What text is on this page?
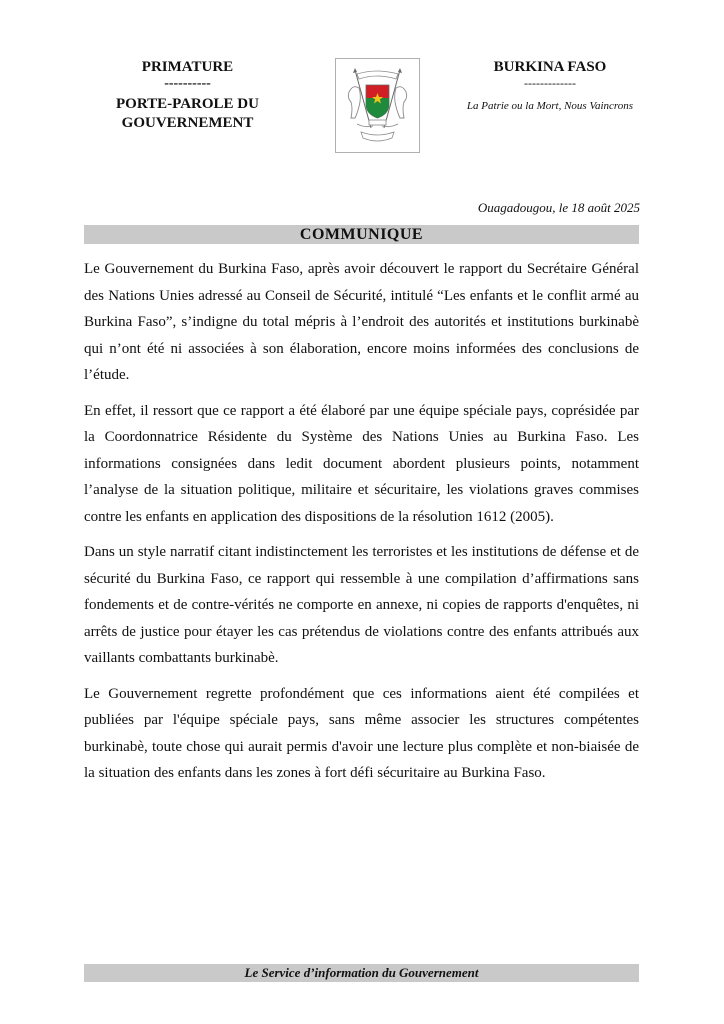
PRIMATURE
----------
PORTE-PAROLE DU
GOUVERNEMENT
BURKINA FASO
-------------
La Patrie ou la Mort, Nous Vaincrons
Ouagadougou, le 18 août 2025
COMMUNIQUE

Le Gouvernement du Burkina Faso, après avoir découvert le rapport du Secrétaire Général des Nations Unies adressé au Conseil de Sécurité, intitulé “Les enfants et le conflit armé au Burkina Faso”, s’indigne du total mépris à l’endroit des autorités et institutions burkinabè qui n’ont été ni associées à son élaboration, encore moins informées des conclusions de l’étude.

En effet, il ressort que ce rapport a été élaboré par une équipe spéciale pays, coprésidée par la Coordonnatrice Résidente du Système des Nations Unies au Burkina Faso. Les informations consignées dans ledit document abordent plusieurs points, notamment l’analyse de la situation politique, militaire et sécuritaire, les violations graves commises contre les enfants en application des dispositions de la résolution 1612 (2005).

Dans un style narratif citant indistinctement les terroristes et les institutions de défense et de sécurité du Burkina Faso, ce rapport qui ressemble à une compilation d’affirmations sans fondements et de contre-vérités ne comporte en annexe, ni copies de rapports d'enquêtes, ni arrêts de justice pour étayer les cas prétendus de violations contre des enfants attribués aux vaillants combattants burkinabè.

Le Gouvernement regrette profondément que ces informations aient été compilées et publiées par l'équipe spéciale pays, sans même associer les structures compétentes burkinabè, toute chose qui aurait permis d'avoir une lecture plus complète et non-biaisée de la situation des enfants dans les zones à fort défi sécuritaire au Burkina Faso.

Le Service d’information du Gouvernement
